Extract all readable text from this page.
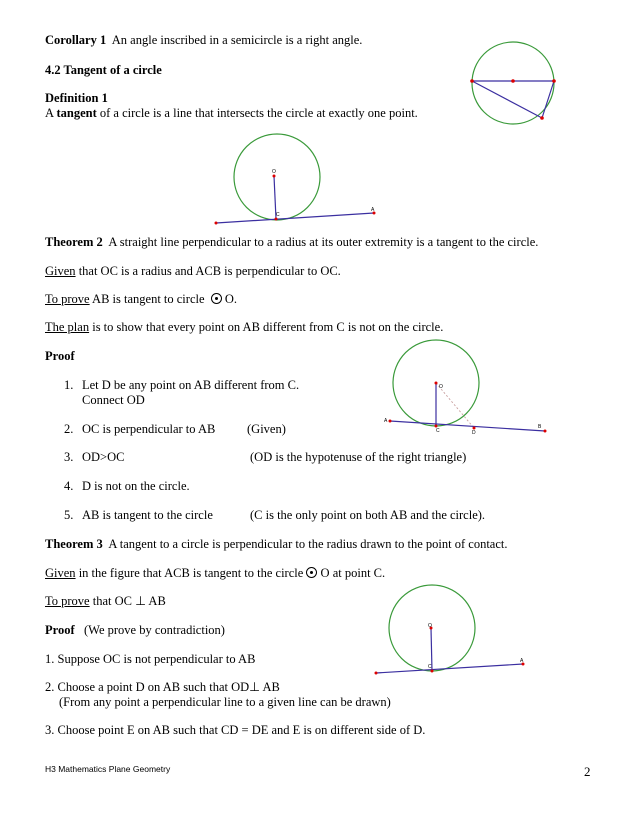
Corollary 1 An angle inscribed in a semicircle is a right angle.
4.2 Tangent of a circle
Definition 1
A tangent of a circle is a line that intersects the circle at exactly one point.
O
C
A
Theorem 2 A straight line perpendicular to a radius at its outer extremity is a tangent to the circle.
Given that OC is a radius and ACB is perpendicular to OC.
To prove AB is tangent to circle O.
The plan is to show that every point on AB different from C is not on the circle.
Proof
1. Let D be any point on AB different from C.
Connect OD
2. OC is perpendicular to AB	(Given)
3. OD>OC	(OD is the hypotenuse of the right triangle)
4. D is not on the circle.
5. AB is tangent to the circle	(C is the only point on both AB and the circle).
O
A
C	D
B
Theorem 3 A tangent to a circle is perpendicular to the radius drawn to the point of contact.
Given in the figure that ACB is tangent to the circle O at point C.
To prove that OC ⊥ AB
Proof (We prove by contradiction)
1. Suppose OC is not perpendicular to AB
2. Choose a point D on AB such that OD⊥ AB
(From any point a perpendicular line to a given line can be drawn)
3. Choose point E on AB such that CD = DE and E is on different side of D.
O
C
A
H3 Mathematics Plane Geometry	2
